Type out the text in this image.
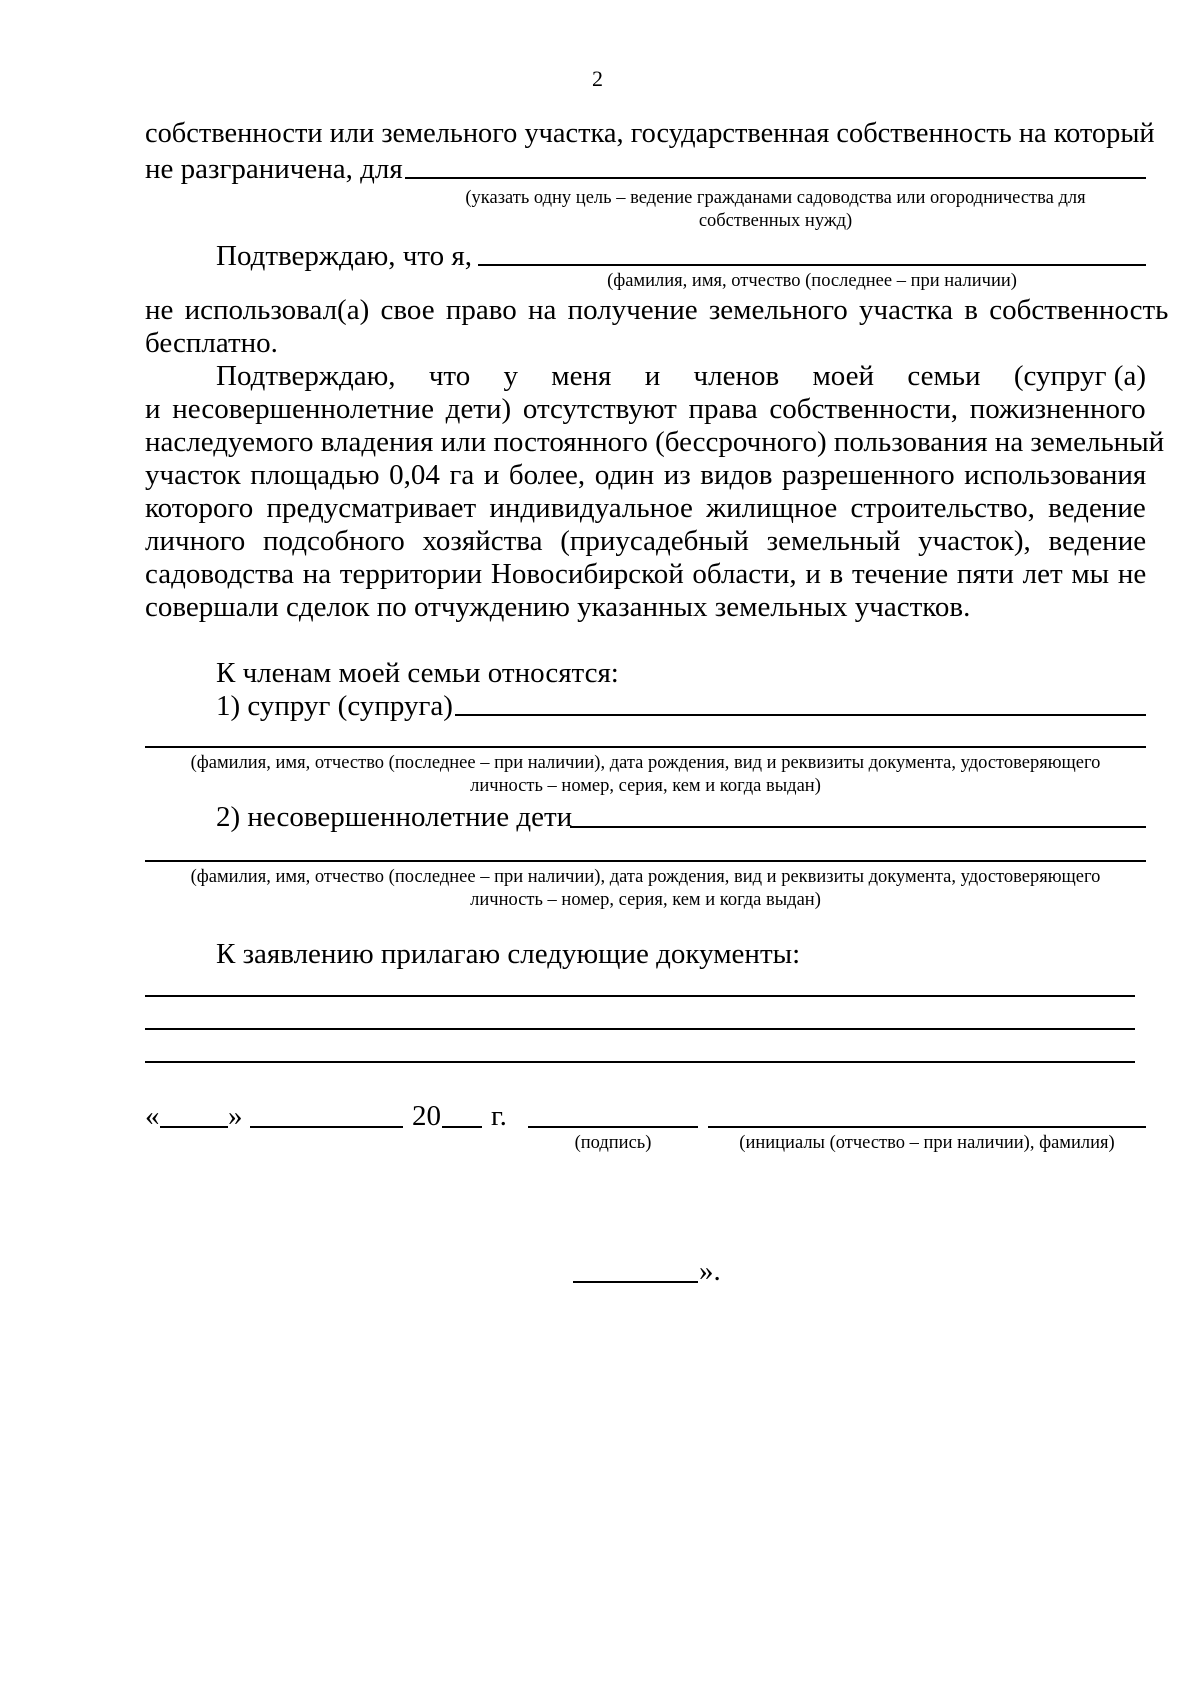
2
собственности или земельного участка, государственная собственность на который
не разграничена, для
(указать одну цель – ведение гражданами садоводства или огородничества для
собственных нужд)
Подтверждаю, что я,
(фамилия, имя, отчество (последнее – при наличии)
не использовал(а) свое право на получение земельного участка в собственность
бесплатно.
Подтверждаю, что у меня и членов моей семьи (супруг (а)
и несовершеннолетние дети) отсутствуют права собственности, пожизненного
наследуемого владения или постоянного (бессрочного) пользования на земельный
участок площадью 0,04 га и более, один из видов разрешенного использования
которого предусматривает индивидуальное жилищное строительство, ведение
личного подсобного хозяйства (приусадебный земельный участок), ведение
садоводства на территории Новосибирской области, и в течение пяти лет мы не
совершали сделок по отчуждению указанных земельных участков.
К членам моей семьи относятся:
1) супруг (супруга)
(фамилия, имя, отчество (последнее – при наличии), дата рождения, вид и реквизиты документа, удостоверяющего
личность – номер, серия, кем и когда выдан)
2) несовершеннолетние дети
(фамилия, имя, отчество (последнее – при наличии), дата рождения, вид и реквизиты документа, удостоверяющего
личность – номер, серия, кем и когда выдан)
К заявлению прилагаю следующие документы:
« »	20 г.
(подпись)	(инициалы (отчество – при наличии), фамилия)
».
